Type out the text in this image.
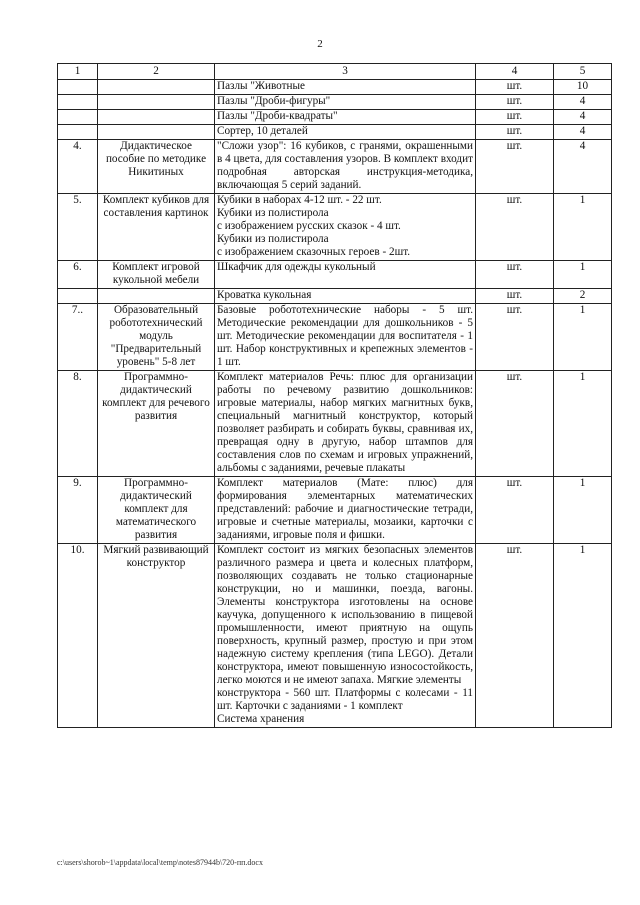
2
1	2	3	4	5

		Пазлы "Животные	шт.	10

		Пазлы "Дроби-фигуры"	шт.	4

		Пазлы "Дроби-квадраты"	шт.	4

		Сортер, 10 деталей	шт.	4
4.	Дидактическое пособие по методике Никитиных	"Сложи узор": 16 кубиков, с гранями, окрашенными в 4 цвета, для составления узоров. В комплект входит подробная авторская инструкция-методика, включающая 5 серий заданий.	шт.	4
5.	Комплект кубиков для составления картинок	Кубики в наборах 4-12 шт. - 22 шт.
Кубики из полистирола
с изображением русских сказок - 4 шт.
Кубики из полистирола
с изображением сказочных героев - 2шт.	шт.	1
6.	Комплект игровой кукольной мебели	Шкафчик для одежды кукольный	шт.	1

		Кроватка кукольная	шт.	2
7..	Образовательный робототехнический модуль "Предварительный уровень" 5-8 лет	Базовые робототехнические наборы - 5 шт. Методические рекомендации для дошкольников - 5 шт. Методические рекомендации для воспитателя - 1 шт. Набор конструктивных и крепежных элементов - 1 шт.	шт.	1
8.	Программно-дидактический комплект для речевого развития	Комплект материалов Речь: плюс для организации работы по речевому развитию дошкольников: игровые материалы, набор мягких магнитных букв, специальный магнитный конструктор, который позволяет разбирать и собирать буквы, сравнивая их, превращая одну в другую, набор штампов для составления слов по схемам и игровых упражнений, альбомы с заданиями, речевые плакаты	шт.	1
9.	Программно-дидактический комплект для математического развития	Комплект материалов (Мате: плюс) для формирования элементарных математических представлений: рабочие и диагностические тетради, игровые и счетные материалы, мозаики, карточки с заданиями, игровые поля и фишки.	шт.	1
10.	Мягкий развивающий конструктор	Комплект состоит из мягких безопасных элементов различного размера и цвета и колесных платформ, позволяющих создавать не только стационарные конструкции, но и машинки, поезда, вагоны. Элементы конструктора изготовлены на основе каучука, допущенного к использованию в пищевой промышленности, имеют приятную на ощупь поверхность, крупный размер, простую и при этом надежную систему крепления (типа LEGO). Детали конструктора, имеют повышенную износостойкость, легко моются и не имеют запаха. Мягкие элементы
конструктора - 560 шт. Платформы с колесами - 11 шт. Карточки с заданиями - 1 комплект
Система хранения	шт.	1
c:\users\shorob~1\appdata\local\temp\notes87944b\720-пп.docx
